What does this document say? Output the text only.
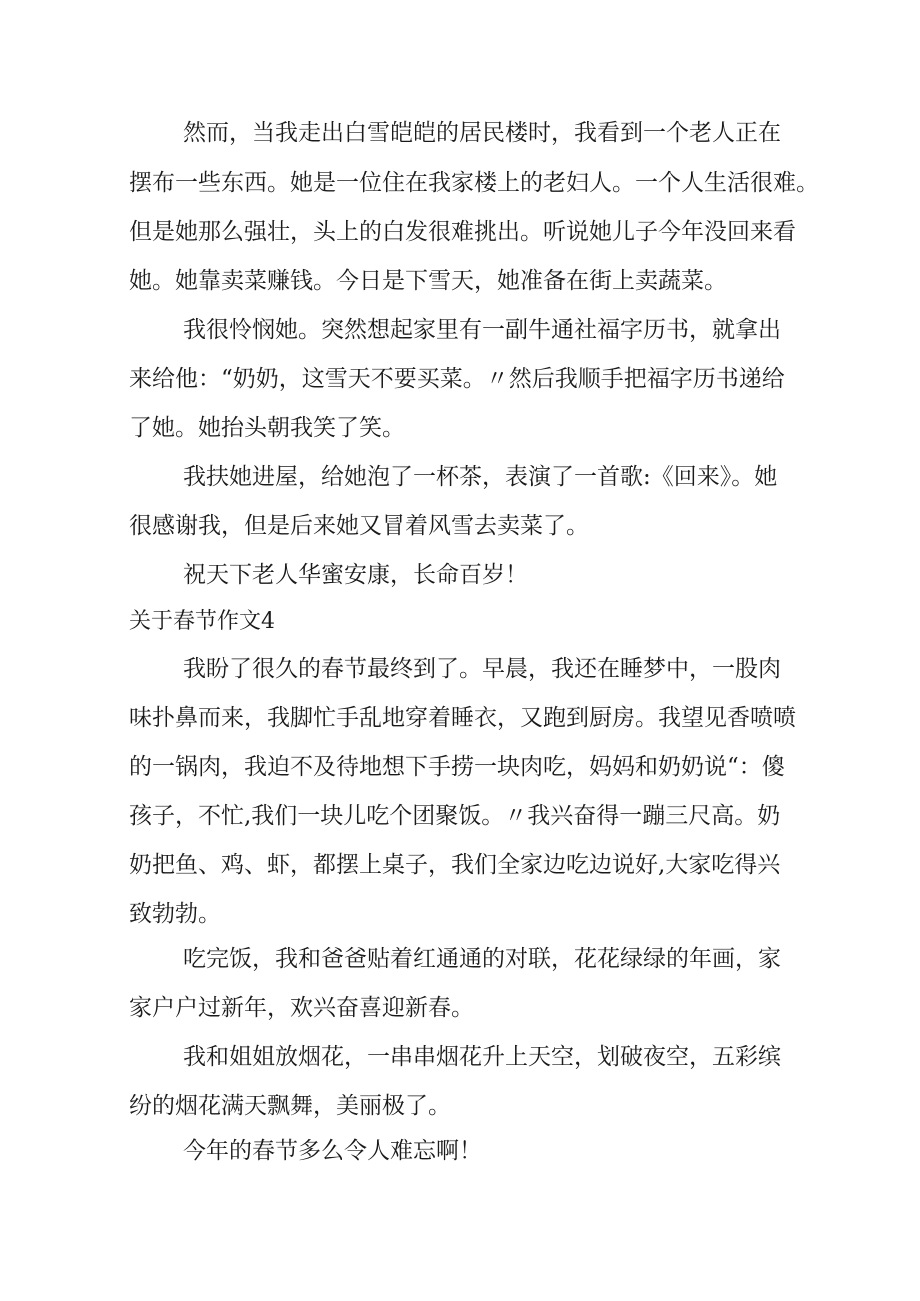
然而，当我走出白雪皑皑的居民楼时，我看到一个老人正在
摆布一些东西。她是一位住在我家楼上的老妇人。一个人生活很难。
但是她那么强壮，头上的白发很难挑出。听说她儿子今年没回来看
她。她靠卖菜赚钱。今日是下雪天，她准备在街上卖蔬菜。
我很怜悯她。突然想起家里有一副牛通社福字历书，就拿出
来给他：“奶奶，这雪天不要买菜。〃然后我顺手把福字历书递给
了她。她抬头朝我笑了笑。
我扶她进屋，给她泡了一杯茶，表演了一首歌:《回来》。她
很感谢我，但是后来她又冒着风雪去卖菜了。
祝天下老人华蜜安康，长命百岁！
关于春节作文4
我盼了很久的春节最终到了。早晨，我还在睡梦中，一股肉
味扑鼻而来，我脚忙手乱地穿着睡衣，又跑到厨房。我望见香喷喷
的一锅肉，我迫不及待地想下手捞一块肉吃，妈妈和奶奶说“：傻
孩子，不忙,我们一块儿吃个团聚饭。〃我兴奋得一蹦三尺高。奶
奶把鱼、鸡、虾，都摆上桌子，我们全家边吃边说好,大家吃得兴
致勃勃。
吃完饭，我和爸爸贴着红通通的对联，花花绿绿的年画，家
家户户过新年，欢兴奋喜迎新春。
我和姐姐放烟花，一串串烟花升上天空，划破夜空，五彩缤
纷的烟花满天飘舞，美丽极了。
今年的春节多么令人难忘啊！
